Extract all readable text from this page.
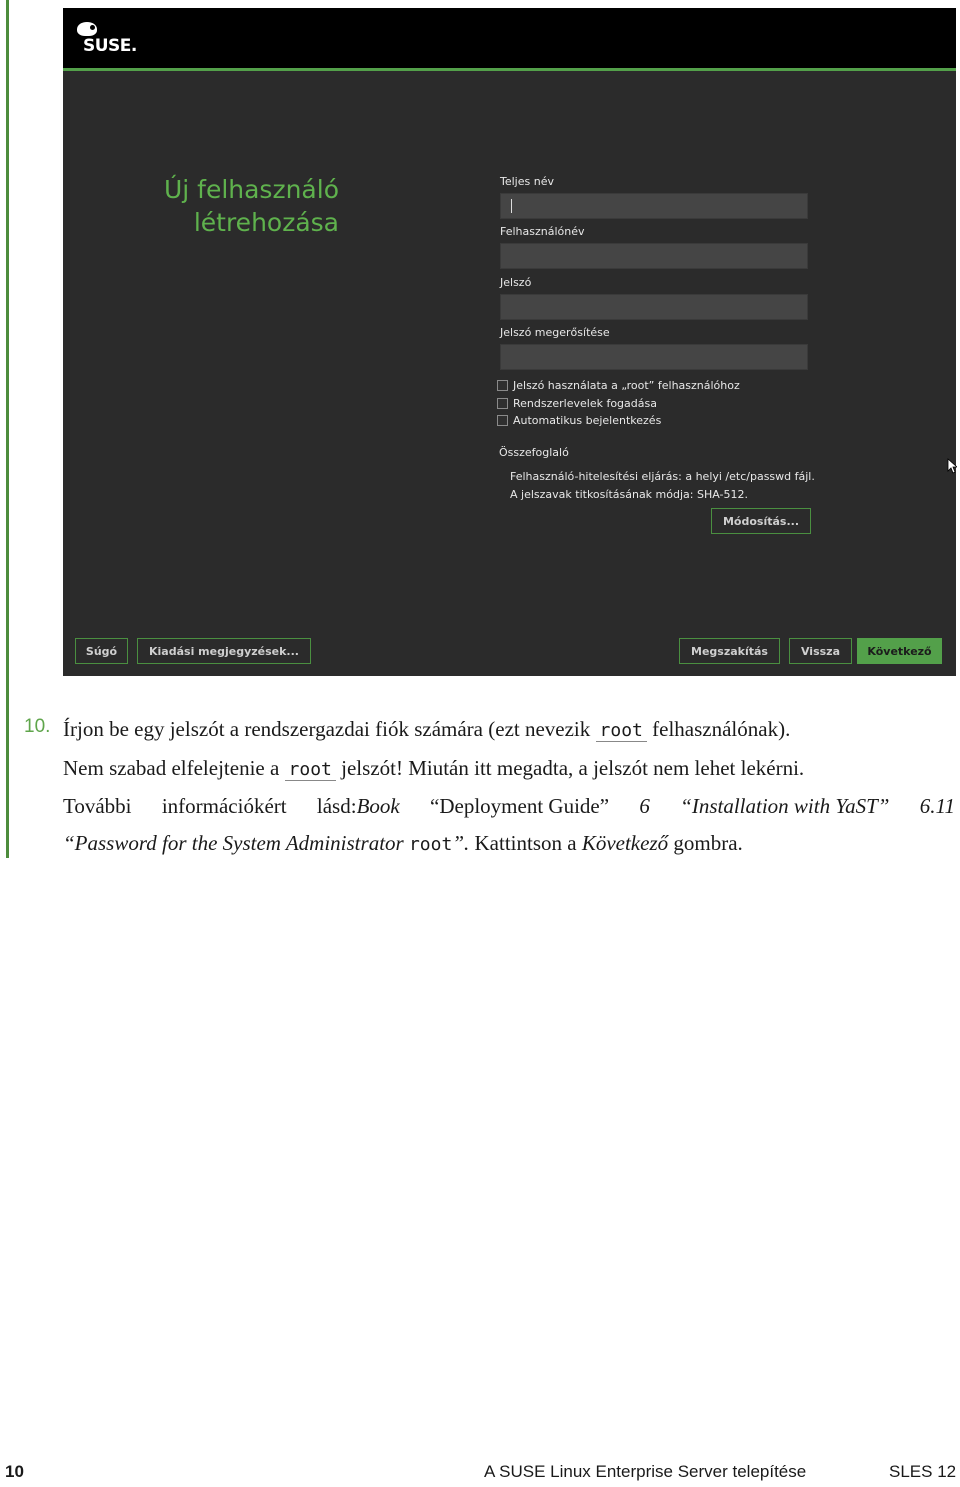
SUSE.
Új felhasználó
létrehozása
Teljes név
Felhasználónév
Jelszó
Jelszó megerősítése
Jelszó használata a „root” felhasználóhoz
Rendszerlevelek fogadása
Automatikus bejelentkezés
Összefoglaló
Felhasználó-hitelesítési eljárás: a helyi /etc/passwd fájl.
A jelszavak titkosításának módja: SHA-512.
Módosítás...
Súgó	Kiadási megjegyzések...	Megszakítás	Vissza	Következő
10. Írjon be egy jelszót a rendszergazdai fiók számára (ezt nevezik root felhasználónak).
Nem szabad elfelejtenie a root jelszót! Miután itt megadta, a jelszót nem lehet lekérni.
További információkért lásd:Book “Deployment Guide” 6 “Installation with YaST” 6.11
“Password for the System Administrator root”. Kattintson a Következő gombra.
10	A SUSE Linux Enterprise Server telepítése	SLES 12
